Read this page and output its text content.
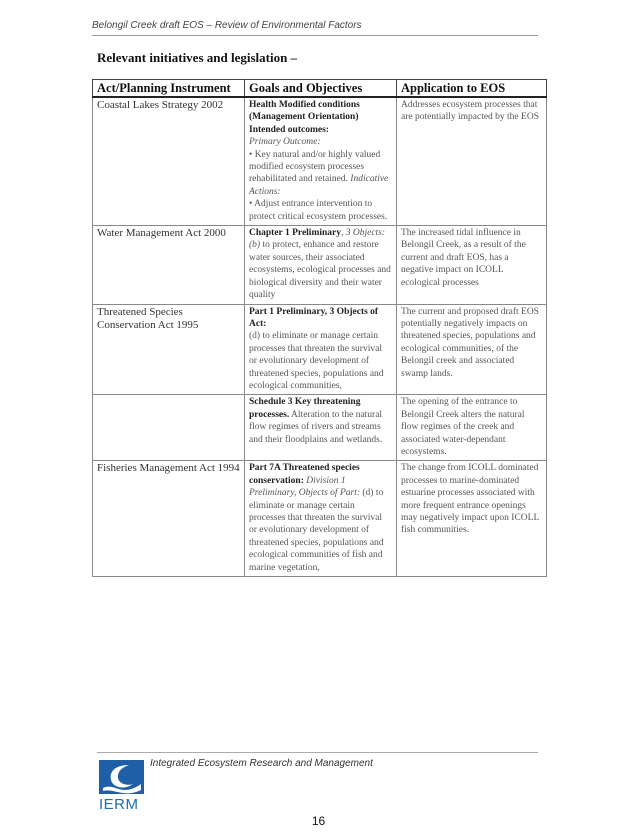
Belongil Creek draft EOS – Review of Environmental Factors
Relevant initiatives and legislation –
Act/Planning Instrument	Goals and Objectives	Application to EOS
Coastal Lakes Strategy 2002	Health Modified conditions (Management Orientation)
Intended outcomes:
Primary Outcome:
• Key natural and/or highly valued modified ecosystem processes rehabilitated and retained. Indicative Actions:
• Adjust entrance intervention to protect critical ecosystem processes.	Addresses ecosystem processes that are potentially impacted by the EOS
Water Management Act 2000	Chapter 1 Preliminary, 3 Objects: (b) to protect, enhance and restore water sources, their associated ecosystems, ecological processes and biological diversity and their water quality	The increased tidal influence in Belongil Creek, as a result of the current and draft EOS, has a negative impact on ICOLL ecological processes
Threatened Species Conservation Act 1995	Part 1 Preliminary, 3 Objects of Act:
(d) to eliminate or manage certain processes that threaten the survival or evolutionary development of threatened species, populations and ecological communities,	The current and proposed draft EOS potentially negatively impacts on threatened species, populations and ecological communities, of the Belongil creek and associated swamp lands.
	Schedule 3 Key threatening processes. Alteration to the natural flow regimes of rivers and streams and their floodplains and wetlands.	The opening of the entrance to Belongil Creek alters the natural flow regimes of the creek and associated water-dependant ecosystems.
Fisheries Management Act 1994	Part 7A Threatened species conservation: Division 1 Preliminary, Objects of Part: (d) to eliminate or manage certain processes that threaten the survival or evolutionary development of threatened species, populations and ecological communities of fish and marine vegetation,	The change from ICOLL dominated processes to marine-dominated estuarine processes associated with more frequent entrance openings may negatively impact upon ICOLL fish communities.
IERM
Integrated Ecosystem Research and Management
16
